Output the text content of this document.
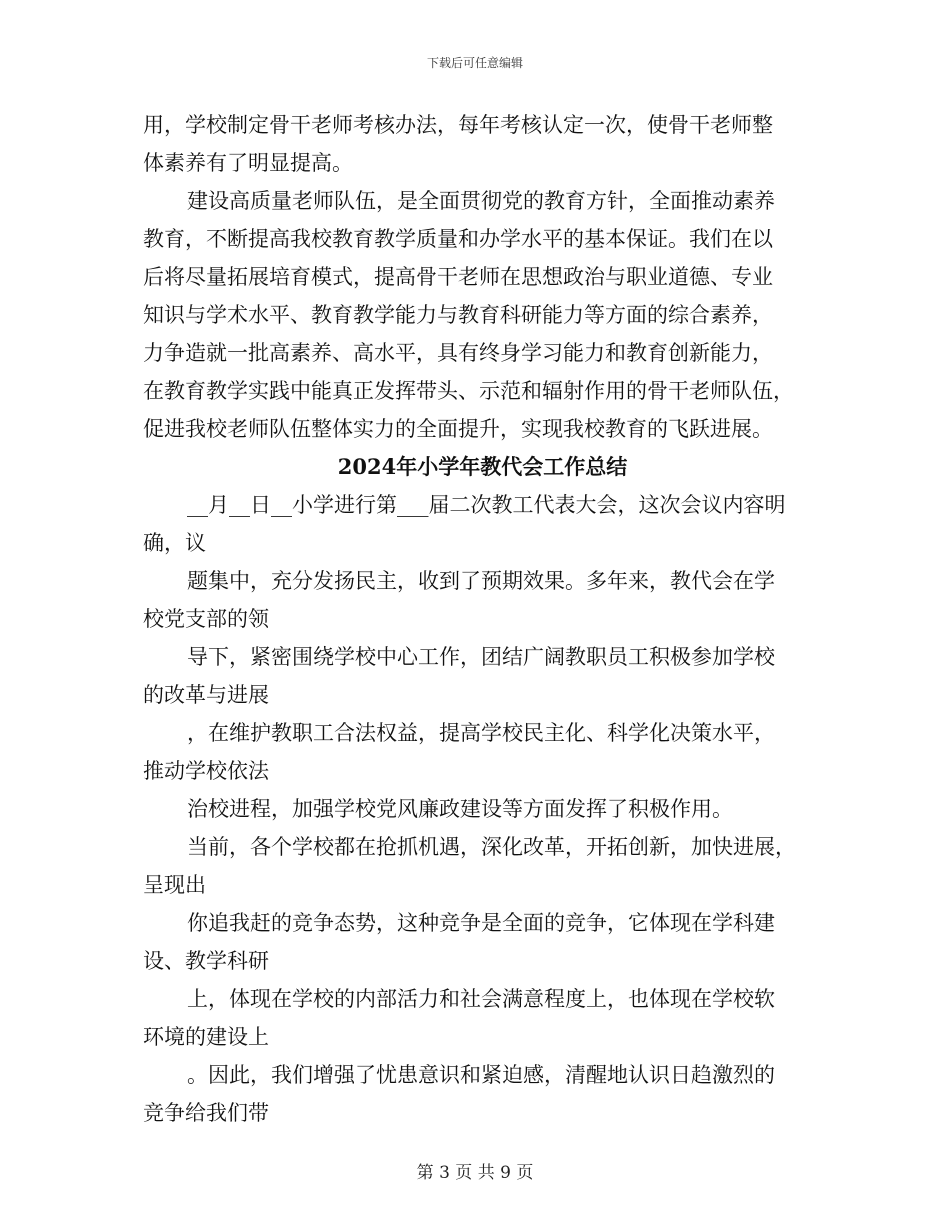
下载后可任意编辑
用，学校制定骨干老师考核办法，每年考核认定一次，使骨干老师整
体素养有了明显提高。
建设高质量老师队伍，是全面贯彻党的教育方针，全面推动素养
教育，不断提高我校教育教学质量和办学水平的基本保证。我们在以
后将尽量拓展培育模式，提高骨干老师在思想政治与职业道德、专业
知识与学术水平、教育教学能力与教育科研能力等方面的综合素养，
力争造就一批高素养、高水平，具有终身学习能力和教育创新能力，
在教育教学实践中能真正发挥带头、示范和辐射作用的骨干老师队伍，
促进我校老师队伍整体实力的全面提升，实现我校教育的飞跃进展。
2024年小学年教代会工作总结
__月__日__小学进行第___届二次教工代表大会，这次会议内容明
确，议
题集中，充分发扬民主，收到了预期效果。多年来，教代会在学
校党支部的领
导下，紧密围绕学校中心工作，团结广阔教职员工积极参加学校
的改革与进展
，在维护教职工合法权益，提高学校民主化、科学化决策水平，
推动学校依法
治校进程，加强学校党风廉政建设等方面发挥了积极作用。
当前，各个学校都在抢抓机遇，深化改革，开拓创新，加快进展，
呈现出
你追我赶的竞争态势，这种竞争是全面的竞争，它体现在学科建
设、教学科研
上，体现在学校的内部活力和社会满意程度上，也体现在学校软
环境的建设上
。因此，我们增强了忧患意识和紧迫感，清醒地认识日趋激烈的
竞争给我们带
第 3 页 共 9 页
